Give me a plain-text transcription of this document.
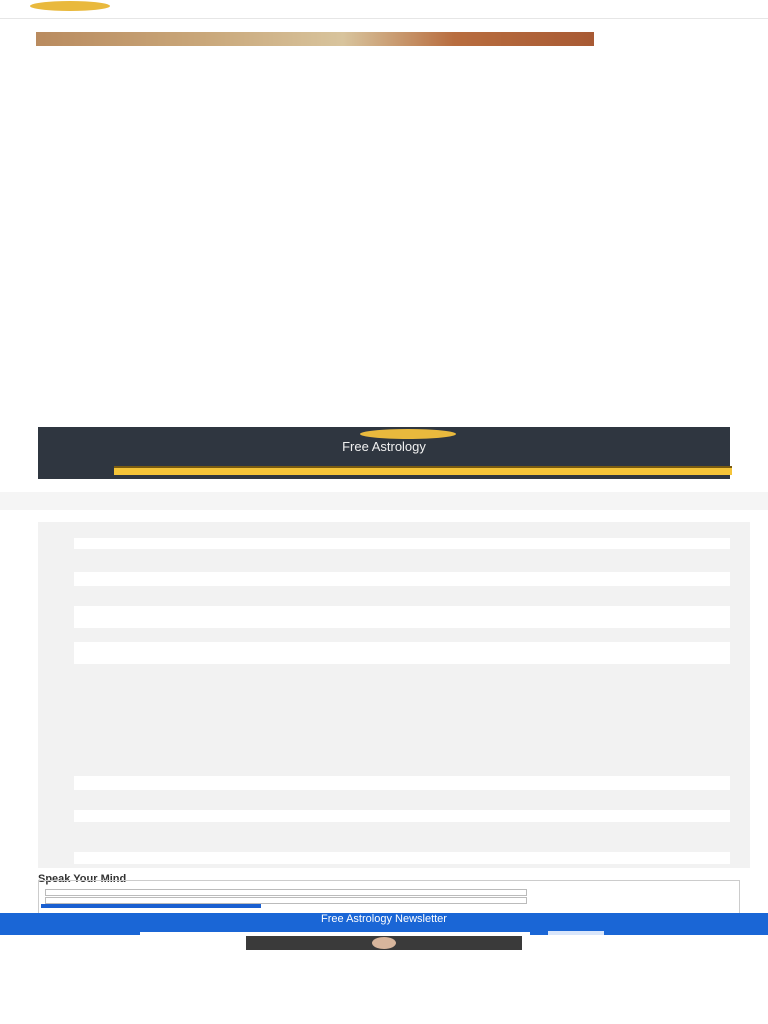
Free Astrology
Speak Your Mind
Free Astrology Newsletter
